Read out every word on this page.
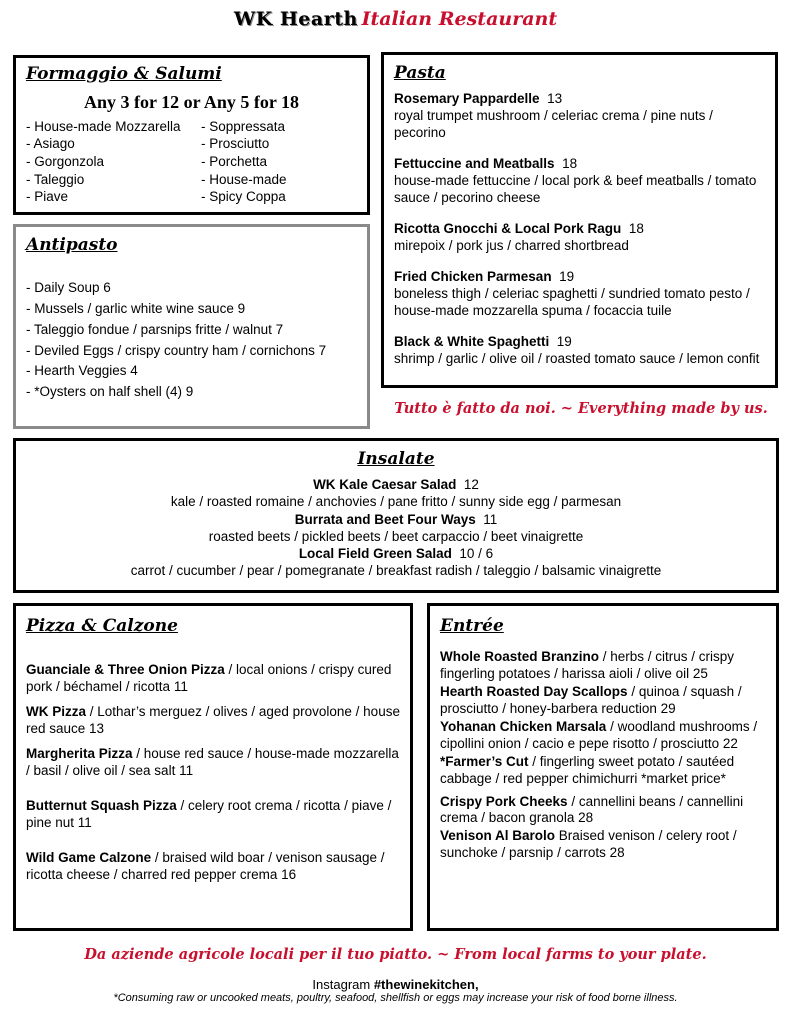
WK Hearth Italian Restaurant
Formaggio & Salumi
Any 3 for 12 or Any 5 for 18
- House-made Mozzarella
- Asiago
- Gorgonzola
- Taleggio
- Piave
- Soppressata
- Prosciutto
- Porchetta
- House-made
- Spicy Coppa
Antipasto
- Daily Soup 6
- Mussels / garlic white wine sauce 9
- Taleggio fondue / parsnips fritte / walnut 7
- Deviled Eggs / crispy country ham / cornichons 7
- Hearth Veggies 4
- *Oysters on half shell (4) 9
Pasta
Rosemary Pappardelle 13
royal trumpet mushroom / celeriac crema / pine nuts / pecorino
Fettuccine and Meatballs 18
house-made fettuccine / local pork & beef meatballs / tomato sauce / pecorino cheese
Ricotta Gnocchi & Local Pork Ragu 18
mirepoix / pork jus / charred shortbread
Fried Chicken Parmesan 19
boneless thigh / celeriac spaghetti / sundried tomato pesto / house-made mozzarella spuma / focaccia tuile
Black & White Spaghetti 19
shrimp / garlic / olive oil / roasted tomato sauce / lemon confit
Tutto è fatto da noi. ~ Everything made by us.
Insalate
WK Kale Caesar Salad 12
kale / roasted romaine / anchovies / pane fritto / sunny side egg / parmesan
Burrata and Beet Four Ways 11
roasted beets / pickled beets / beet carpaccio / beet vinaigrette
Local Field Green Salad 10 / 6
carrot / cucumber / pear / pomegranate / breakfast radish / taleggio / balsamic vinaigrette
Pizza & Calzone
Guanciale & Three Onion Pizza / local onions / crispy cured pork / béchamel / ricotta 11
WK Pizza / Lothar’s merguez / olives / aged provolone / house red sauce 13
Margherita Pizza / house red sauce / house-made mozzarella / basil / olive oil / sea salt 11
Butternut Squash Pizza / celery root crema / ricotta / piave / pine nut 11
Wild Game Calzone / braised wild boar / venison sausage / ricotta cheese / charred red pepper crema 16
Entrée
Whole Roasted Branzino / herbs / citrus / crispy fingerling potatoes / harissa aioli / olive oil 25
Hearth Roasted Day Scallops / quinoa / squash / prosciutto / honey-barbera reduction 29
Yohanan Chicken Marsala / woodland mushrooms / cipollini onion / cacio e pepe risotto / prosciutto 22
*Farmer’s Cut / fingerling sweet potato / sautéed cabbage / red pepper chimichurri *market price*
Crispy Pork Cheeks / cannellini beans / cannellini crema / bacon granola 28
Venison Al Barolo Braised venison / celery root / sunchoke / parsnip / carrots 28
Da aziende agricole locali per il tuo piatto. ~ From local farms to your plate.
Instagram #thewinekitchen,
*Consuming raw or uncooked meats, poultry, seafood, shellfish or eggs may increase your risk of food borne illness.
